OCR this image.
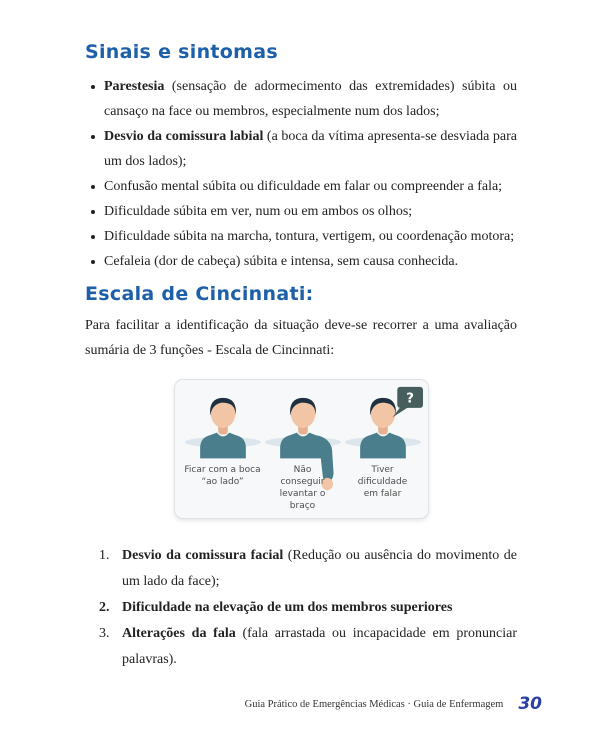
Sinais e sintomas
Parestesia (sensação de adormecimento das extremidades) súbita ou cansaço na face ou membros, especialmente num dos lados;
Desvio da comissura labial (a boca da vítima apresenta-se desviada para um dos lados);
Confusão mental súbita ou dificuldade em falar ou compreender a fala;
Dificuldade súbita em ver, num ou em ambos os olhos;
Dificuldade súbita na marcha, tontura, vertigem, ou coordenação motora;
Cefaleia (dor de cabeça) súbita e intensa, sem causa conhecida.
Escala de Cincinnati:

Para facilitar a identificação da situação deve-se recorrer a uma avaliação sumária de 3 funções - Escala de Cincinnati:

Ficar com a boca “ao lado”
Não conseguir levantar o braço
?
Tiver dificuldade em falar
1. Desvio da comissura facial (Redução ou ausência do movimento de um lado da face);
2. Dificuldade na elevação de um dos membros superiores
3. Alterações da fala (fala arrastada ou incapacidade em pronunciar palavras).
Guia Prático de Emergências Médicas · Guia de Enfermagem 30
